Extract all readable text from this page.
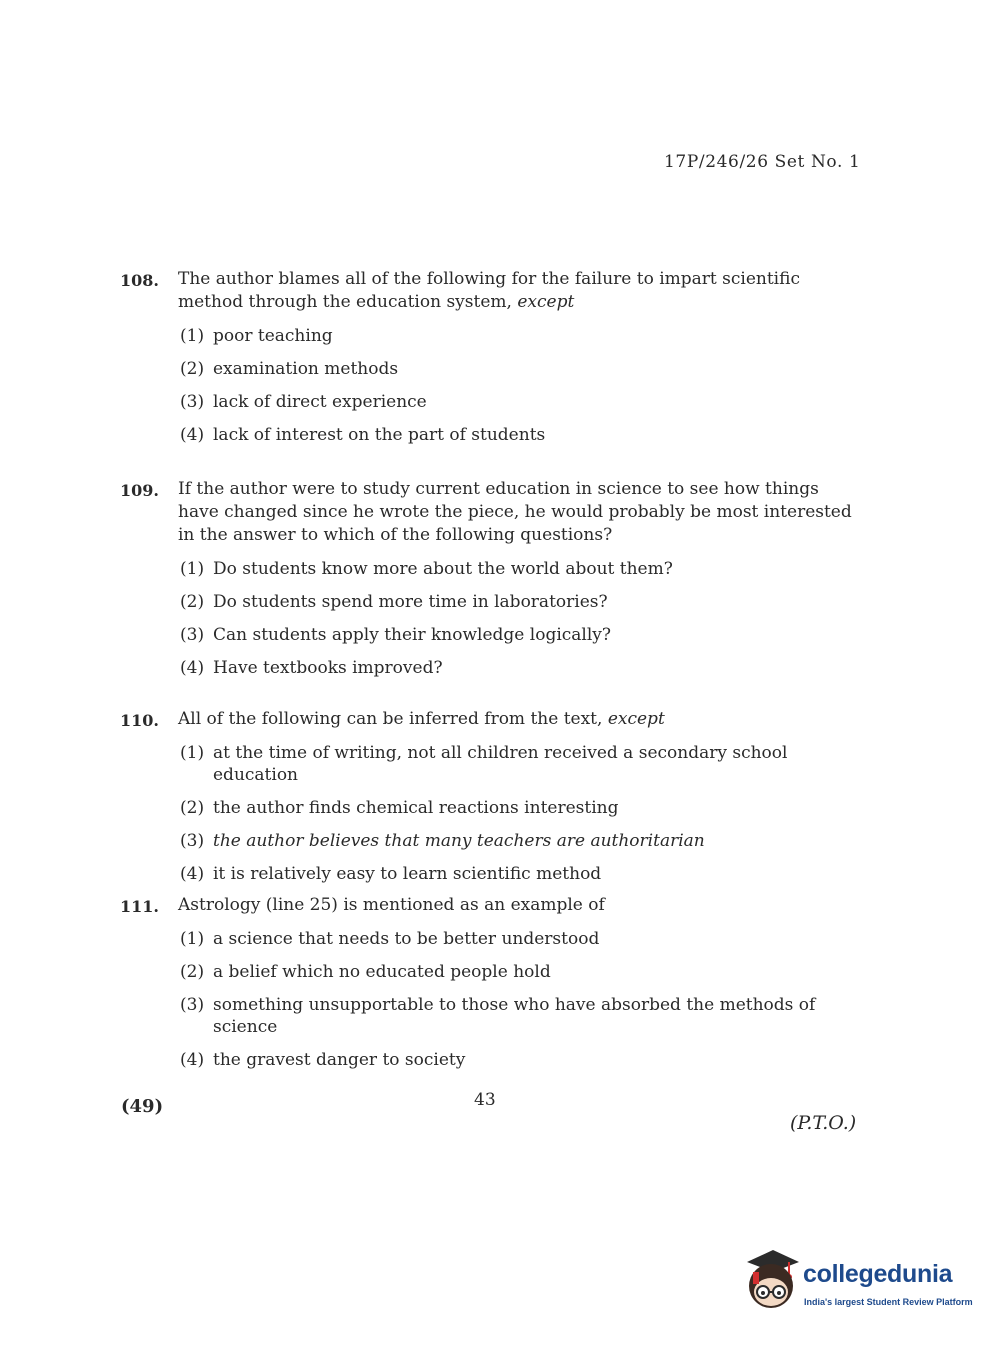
17P/246/26 Set No. 1
108.	The author blames all of the following for the failure to impart scientific method through the education system, except
(1) poor teaching
(2) examination methods
(3) lack of direct experience
(4) lack of interest on the part of students
109.	If the author were to study current education in science to see how things have changed since he wrote the piece, he would probably be most interested in the answer to which of the following questions?
(1) Do students know more about the world about them?
(2) Do students spend more time in laboratories?
(3) Can students apply their knowledge logically?
(4) Have textbooks improved?
110.	All of the following can be inferred from the text, except
(1) at the time of writing, not all children received a secondary school education
(2) the author finds chemical reactions interesting
(3) the author believes that many teachers are authoritarian
(4) it is relatively easy to learn scientific method
111.	Astrology (line 25) is mentioned as an example of
(1) a science that needs to be better understood
(2) a belief which no educated people hold
(3) something unsupportable to those who have absorbed the methods of science
(4) the gravest danger to society
(49)	43
(P.T.O.)
collegedunia
India's largest Student Review Platform
